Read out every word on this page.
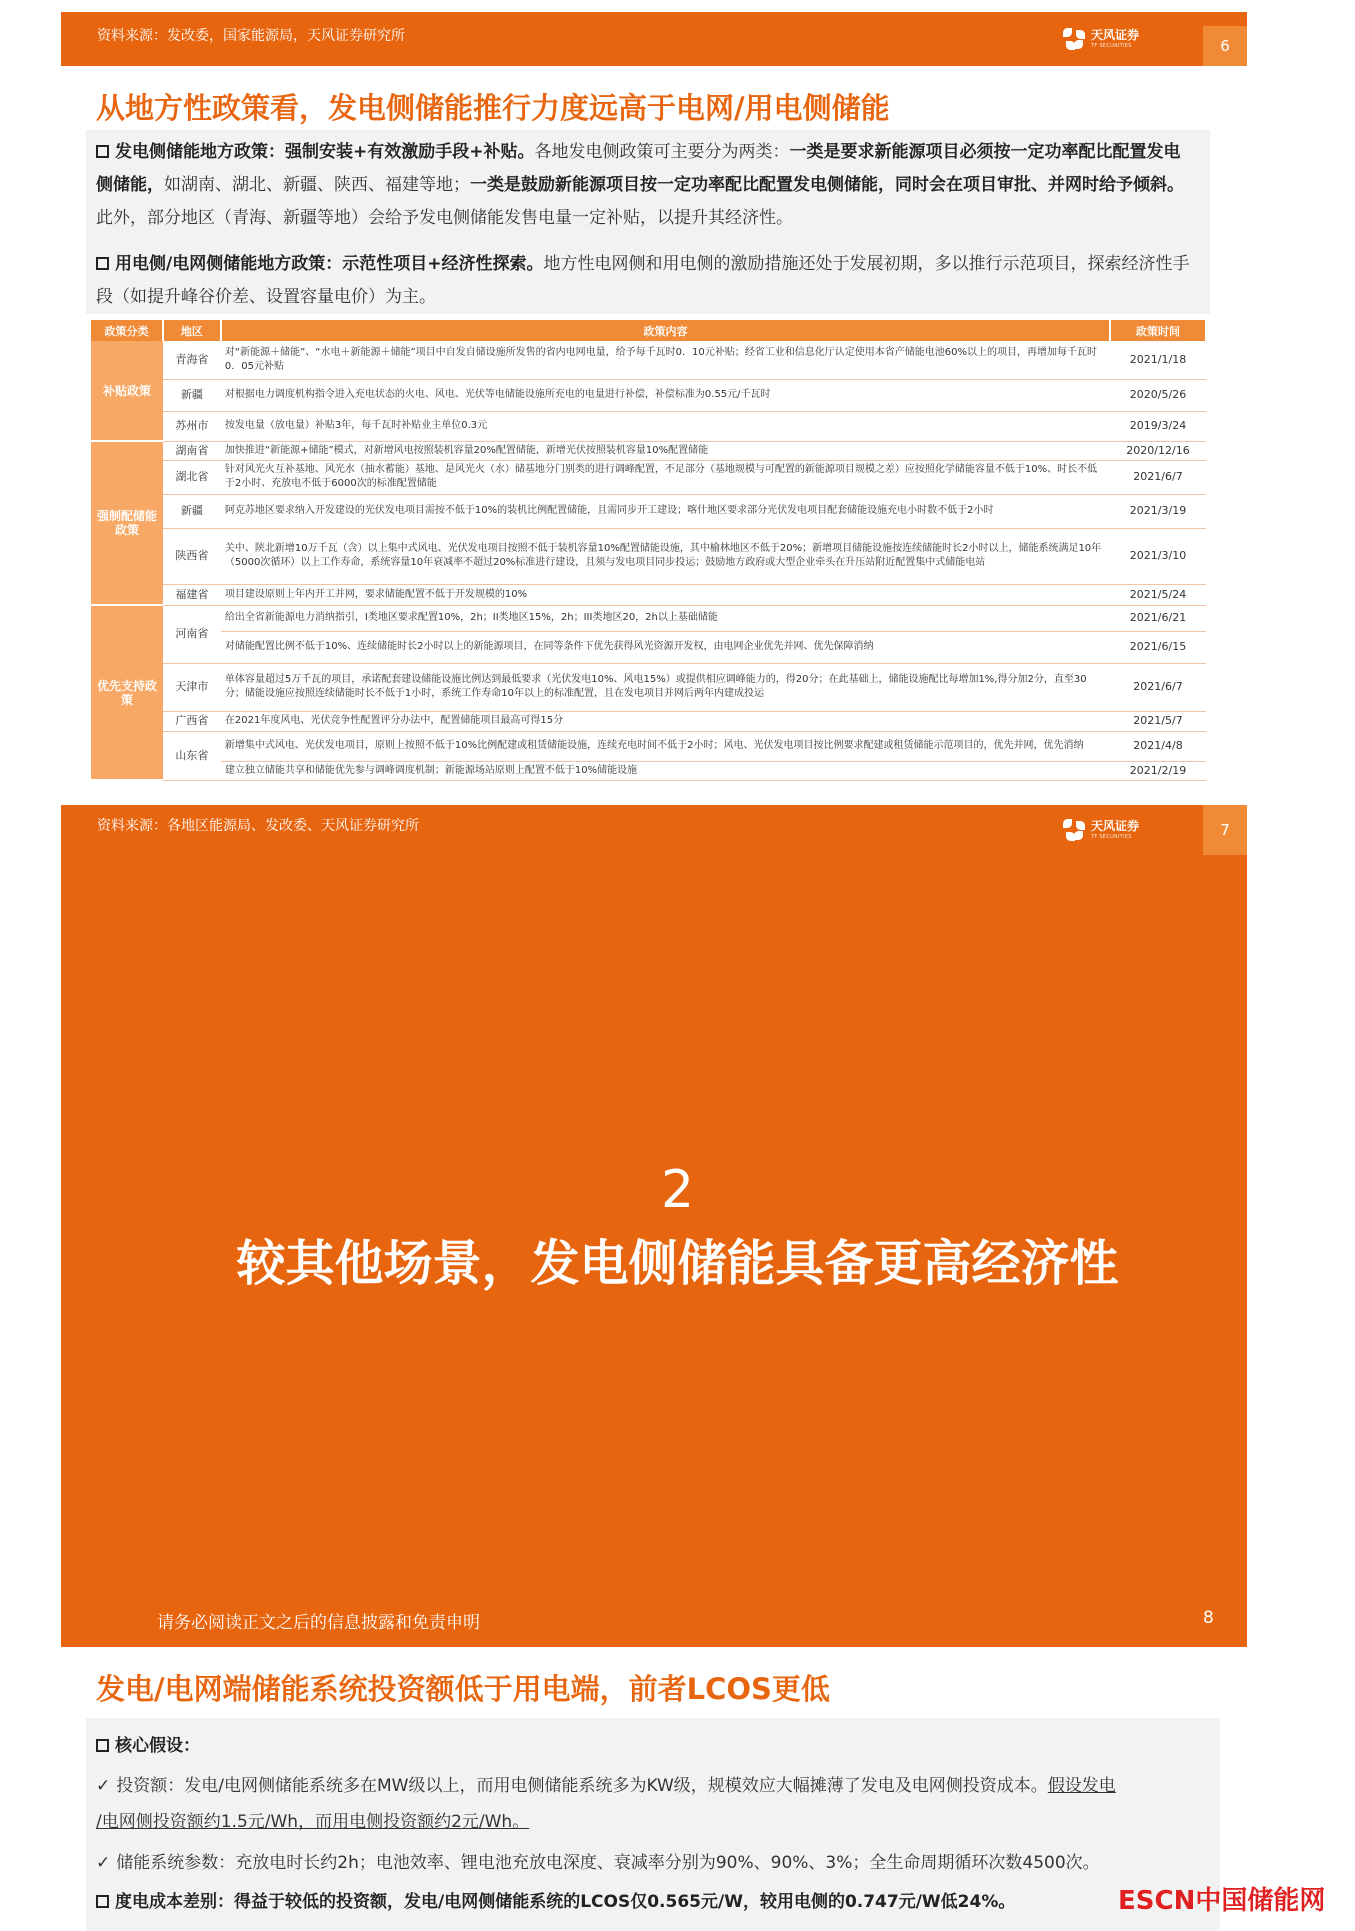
资料来源：发改委，国家能源局，天风证券研究所	天风证券
TF SECURITIES	6
从地方性政策看，发电侧储能推行力度远高于电网/用电侧储能
发电侧储能地方政策：强制安装+有效激励手段+补贴。各地发电侧政策可主要分为两类：一类是要求新能源项目必须按一定功率配比配置发电侧储能，如湖南、湖北、新疆、陕西、福建等地；一类是鼓励新能源项目按一定功率配比配置发电侧储能，同时会在项目审批、并网时给予倾斜。此外，部分地区（青海、新疆等地）会给予发电侧储能发售电量一定补贴，以提升其经济性。
用电侧/电网侧储能地方政策：示范性项目+经济性探索。地方性电网侧和用电侧的激励措施还处于发展初期，多以推行示范项目，探索经济性手段（如提升峰谷价差、设置容量电价）为主。
政策分类	地区	政策内容	政策时间
补贴政策	青海省	对“新能源＋储能”、“水电＋新能源＋储能”项目中自发自储设施所发售的省内电网电量，给予每千瓦时0．10元补贴；经省工业和信息化厅认定使用本省产储能电池60%以上的项目，再增加每千瓦时0．05元补贴	2021/1/18
	新疆	对根据电力调度机构指令进入充电状态的火电、风电、光伏等电储能设施所充电的电量进行补偿，补偿标准为0.55元/千瓦时	2020/5/26
	苏州市	按发电量（放电量）补贴3年，每千瓦时补贴业主单位0.3元	2019/3/24
强制配储能政策	湖南省	加快推进“新能源+储能”模式，对新增风电按照装机容量20%配置储能，新增光伏按照装机容量10%配置储能	2020/12/16
	湖北省	针对风光火互补基地、风光水（抽水蓄能）基地、是风光火（水）储基地分门别类的进行调峰配置，不足部分（基地规模与可配置的新能源项目规模之差）应按照化学储能容量不低于10%、时长不低于2小时、充放电不低于6000次的标准配置储能	2021/6/7
	新疆	阿克苏地区要求纳入开发建设的光伏发电项目需按不低于10%的装机比例配置储能，且需同步开工建设；喀什地区要求部分光伏发电项目配套储能设施充电小时数不低于2小时	2021/3/19
	陕西省	关中、陕北新增10万千瓦（含）以上集中式风电、光伏发电项目按照不低于装机容量10%配置储能设施，其中榆林地区不低于20%；新增项目储能设施按连续储能时长2小时以上，储能系统满足10年（5000次循环）以上工作寿命，系统容量10年衰减率不超过20%标准进行建设，且须与发电项目同步投运；鼓励地方政府或大型企业牵头在升压站附近配置集中式储能电站	2021/3/10
	福建省	项目建设原则上年内开工并网，要求储能配置不低于开发规模的10%	2021/5/24
优先支持政策	河南省	给出全省新能源电力消纳指引，I类地区要求配置10%，2h；II类地区15%，2h；III类地区20，2h以上基础储能	2021/6/21
		对储能配置比例不低于10%、连续储能时长2小时以上的新能源项目，在同等条件下优先获得风光资源开发权，由电网企业优先并网、优先保障消纳	2021/6/15
	天津市	单体容量超过5万千瓦的项目，承诺配套建设储能设施比例达到最低要求（光伏发电10%、风电15%）或提供相应调峰能力的，得20分；在此基础上，储能设施配比每增加1%,得分加2分，直至30分；储能设施应按照连续储能时长不低于1小时，系统工作寿命10年以上的标准配置，且在发电项目并网后两年内建成投运	2021/6/7
	广西省	在2021年度风电、光伏竞争性配置评分办法中，配置储能项目最高可得15分	2021/5/7
	山东省	新增集中式风电、光伏发电项目，原则上按照不低于10%比例配建或租赁储能设施，连续充电时间不低于2小时；风电、光伏发电项目按比例要求配建或租赁储能示范项目的，优先并网，优先消纳	2021/4/8
		建立独立储能共享和储能优先参与调峰调度机制；新能源场站原则上配置不低于10%储能设施	2021/2/19
资料来源：各地区能源局、发改委、天风证券研究所	天风证券
TF SECURITIES	7
2
较其他场景，发电侧储能具备更高经济性
请务必阅读正文之后的信息披露和免责申明	8
发电/电网端储能系统投资额低于用电端，前者LCOS更低
核心假设：
✓ 投资额：发电/电网侧储能系统多在MW级以上，而用电侧储能系统多为KW级，规模效应大幅摊薄了发电及电网侧投资成本。假设发电
/电网侧投资额约1.5元/Wh，而用电侧投资额约2元/Wh。
✓ 储能系统参数：充放电时长约2h；电池效率、锂电池充放电深度、衰减率分别为90%、90%、3%；全生命周期循环次数4500次。
度电成本差别：得益于较低的投资额，发电/电网侧储能系统的LCOS仅0.565元/W，较用电侧的0.747元/W低24%。	ESCN中国储能网
